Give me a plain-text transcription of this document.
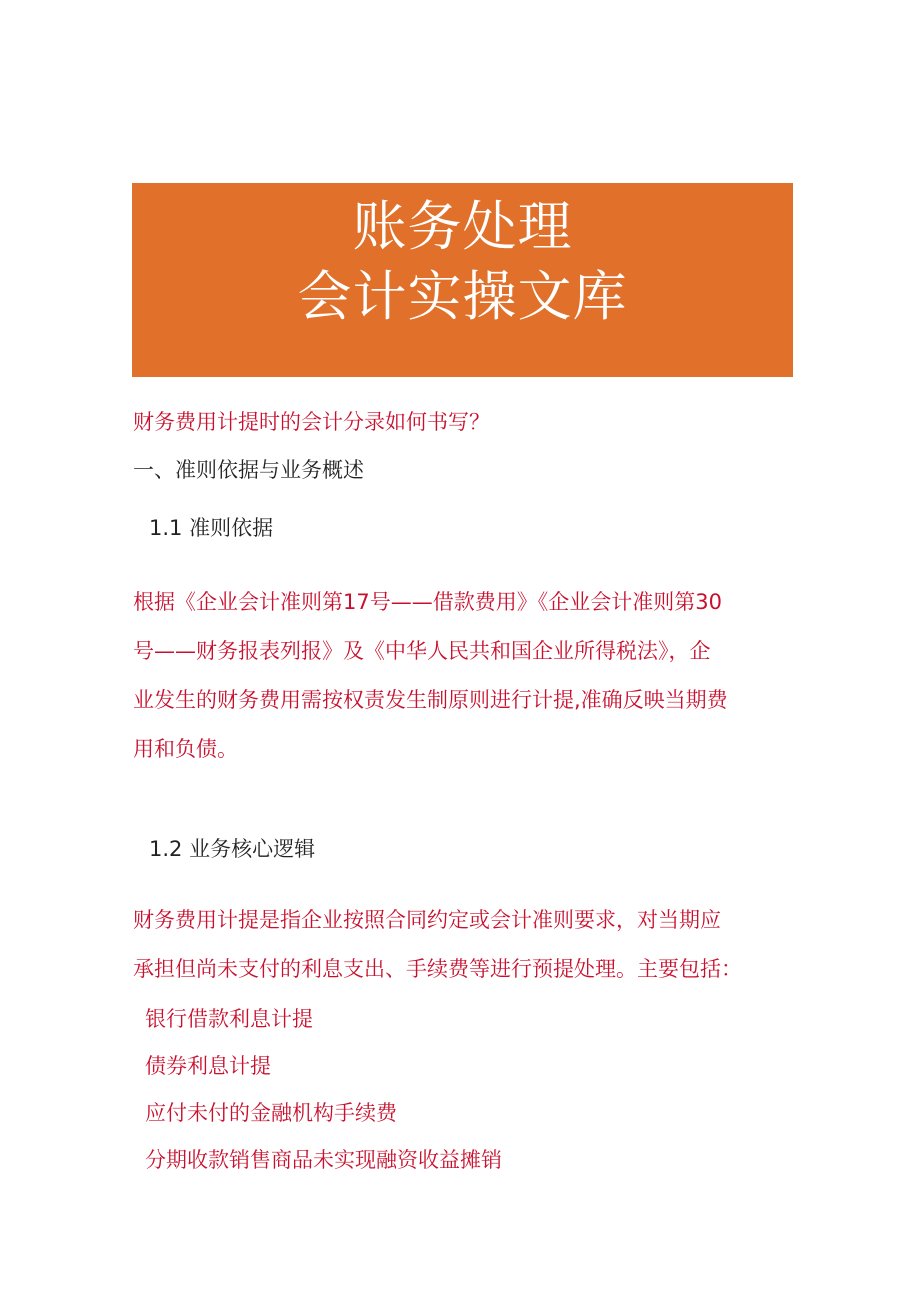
账务处理
会计实操文库
财务费用计提时的会计分录如何书写？
一、准则依据与业务概述
1.1 准则依据
根据《企业会计准则第17号——借款费用》《企业会计准则第30
号——财务报表列报》及《中华人民共和国企业所得税法》，企
业发生的财务费用需按权责发生制原则进行计提,准确反映当期费
用和负债。
1.2 业务核心逻辑
财务费用计提是指企业按照合同约定或会计准则要求，对当期应
承担但尚未支付的利息支出、手续费等进行预提处理。主要包括：
银行借款利息计提
债券利息计提
应付未付的金融机构手续费
分期收款销售商品未实现融资收益摊销
